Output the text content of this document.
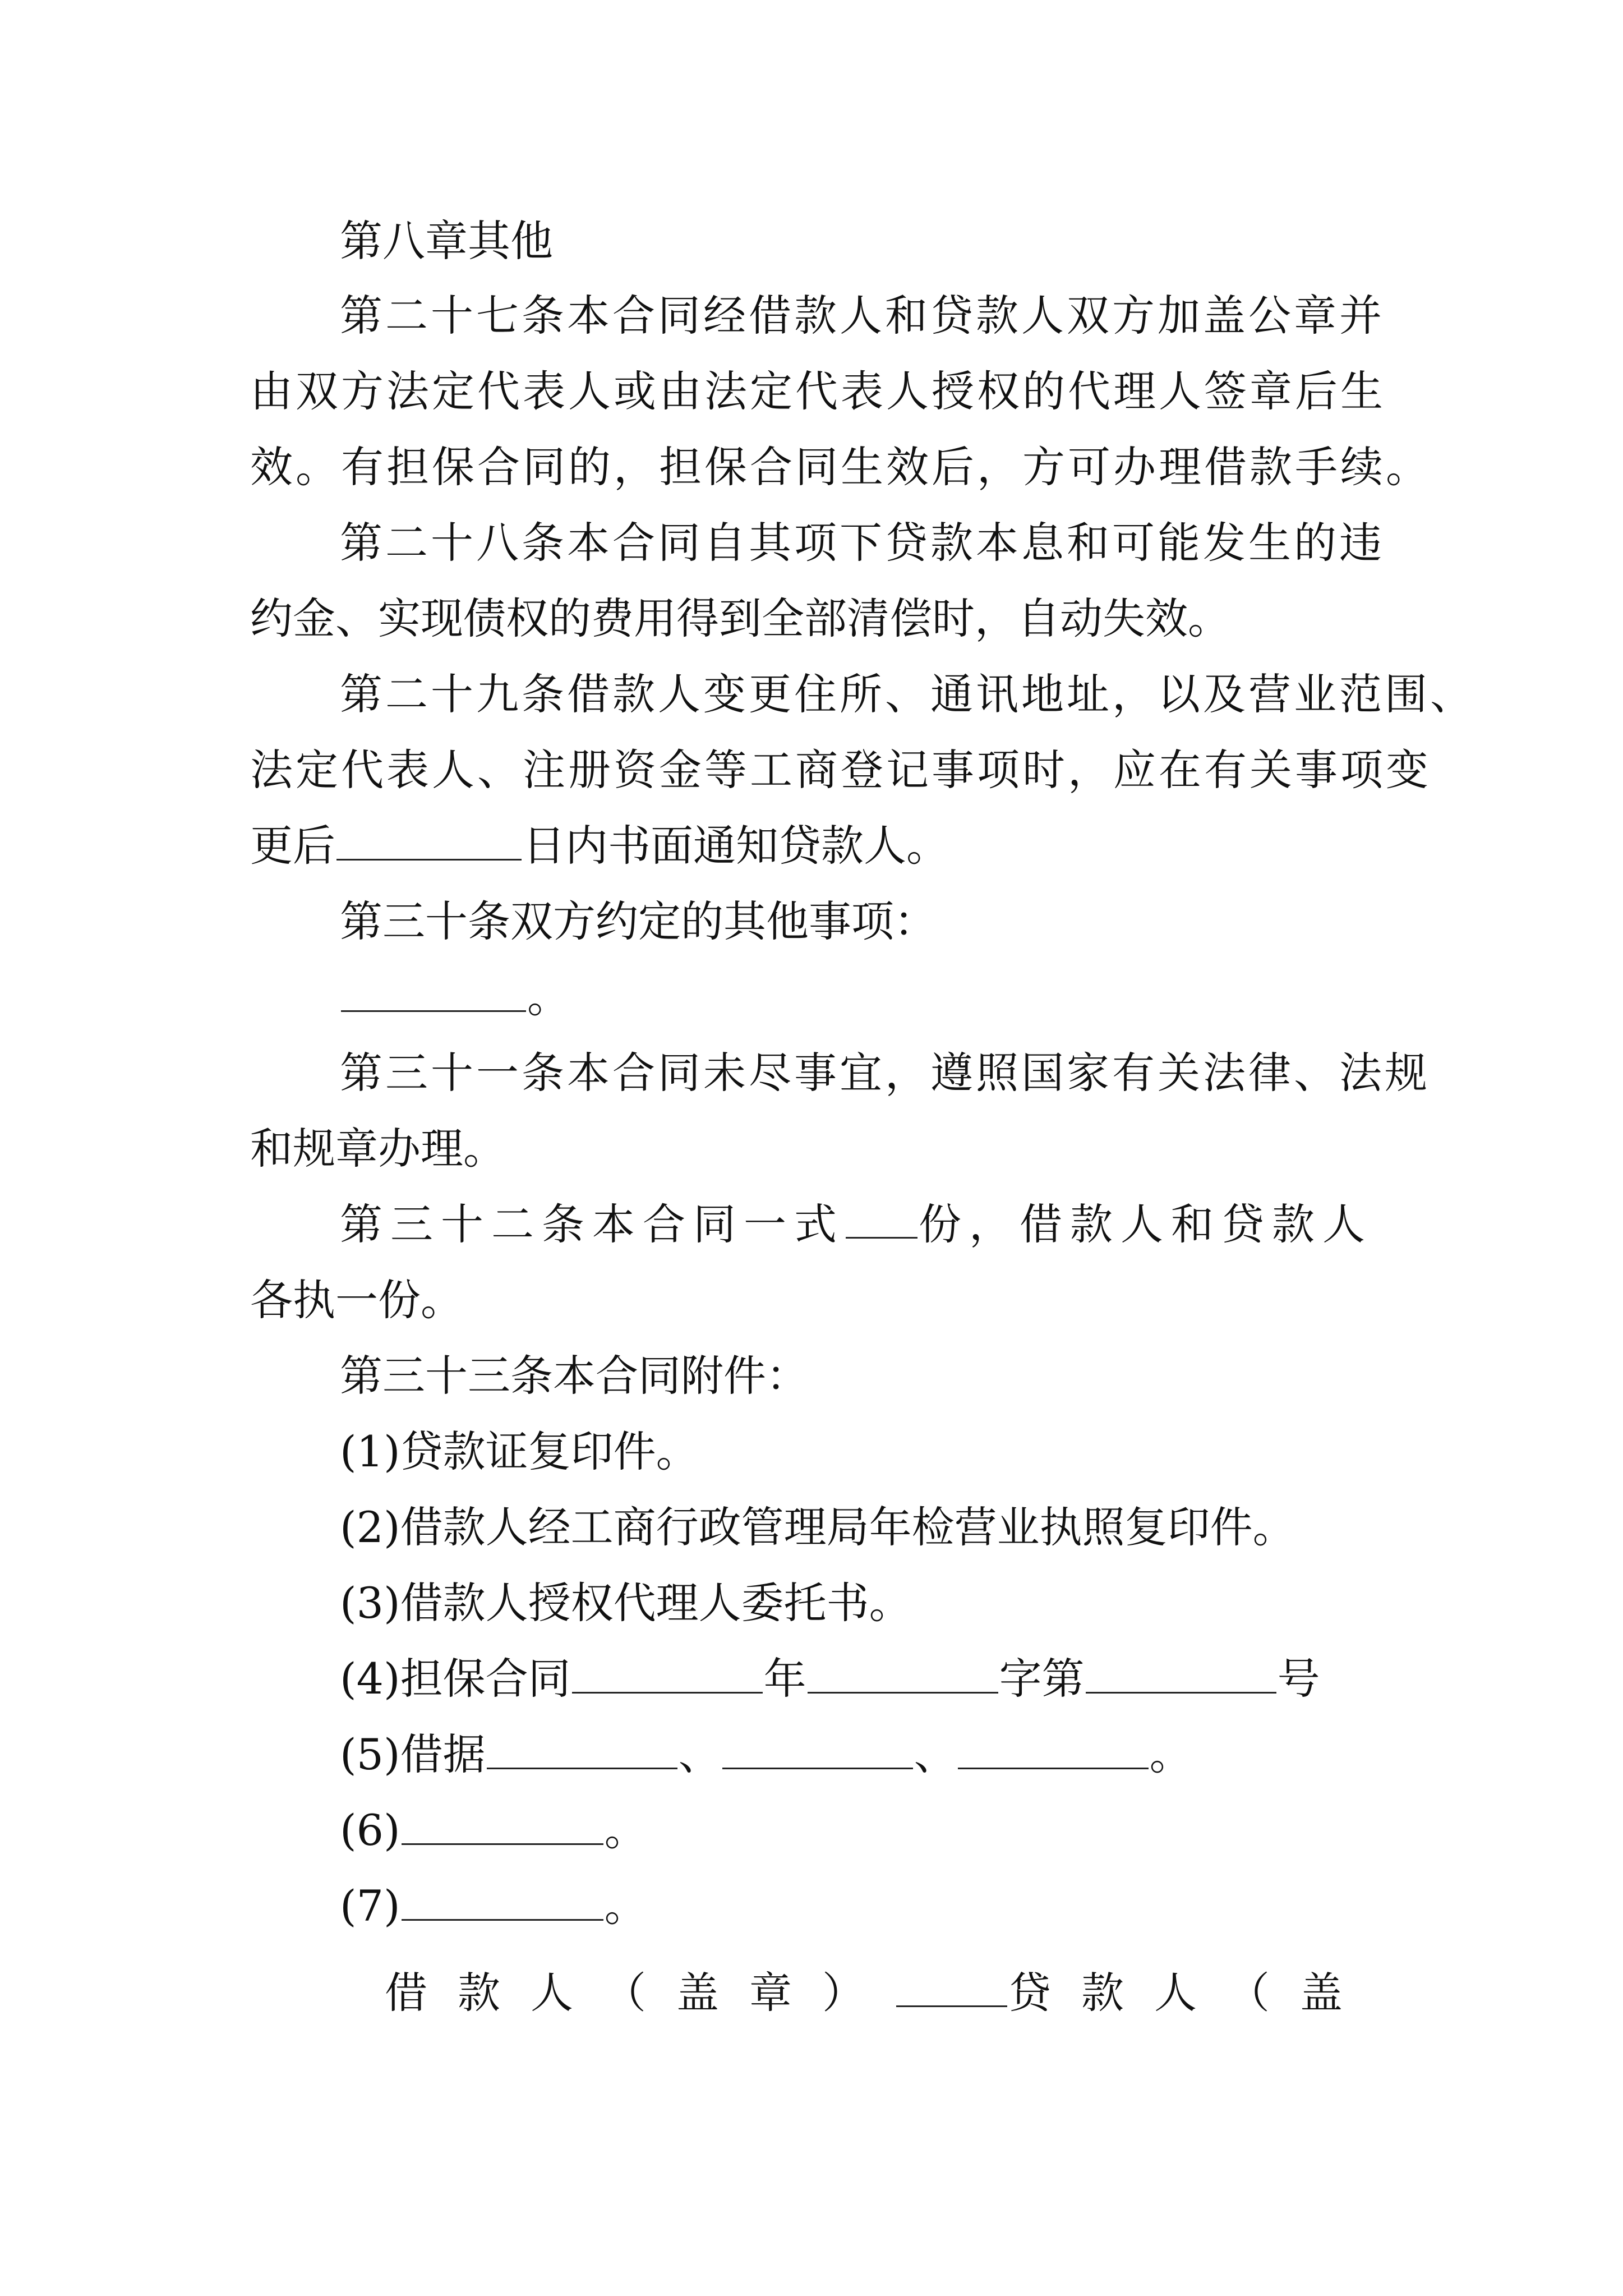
第八章其他
第二十七条本合同经借款人和贷款人双方加盖公章并
由双方法定代表人或由法定代表人授权的代理人签章后生
效。有担保合同的，担保合同生效后，方可办理借款手续。
第二十八条本合同自其项下贷款本息和可能发生的违
约金、实现债权的费用得到全部清偿时，自动失效。
第二十九条借款人变更住所、通讯地址，以及营业范围、
法定代表人、注册资金等工商登记事项时，应在有关事项变
更后	日内书面通知贷款人。
第三十条双方约定的其他事项：
。
第三十一条本合同未尽事宜，遵照国家有关法律、法规
和规章办理。
第三十二条本合同一式 份，借款人和贷款人
各执一份。
第三十三条本合同附件：
(1)贷款证复印件。
(2)借款人经工商行政管理局年检营业执照复印件。
(3)借款人授权代理人委托书。
(4)担保合同	年	字第	号
(5)借据	、	、	。
(6)	。
(7)	。
借款人（盖章）	贷款人（盖
